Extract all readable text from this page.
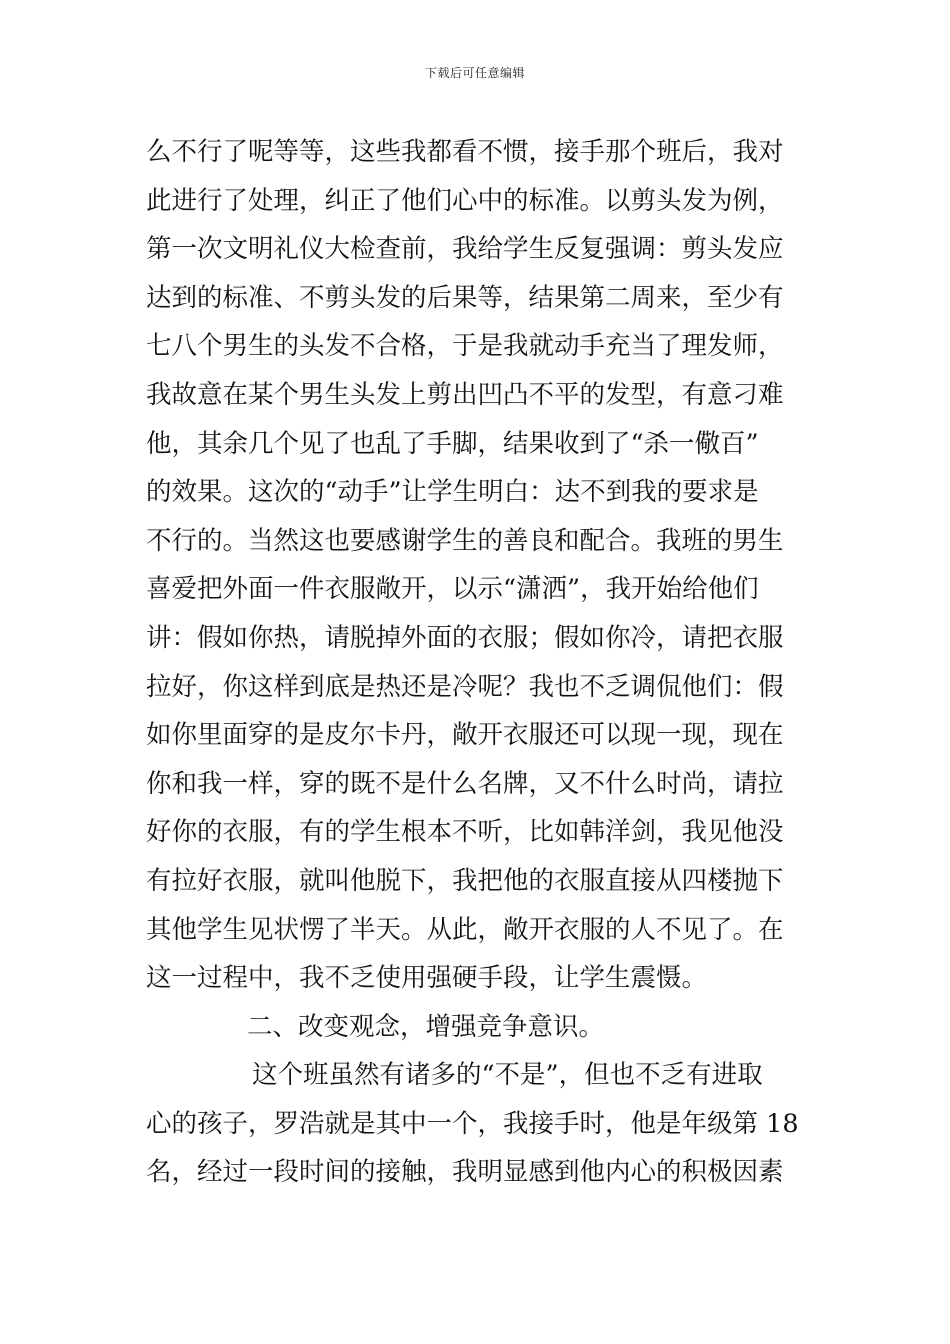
下载后可任意编辑
么不行了呢等等，这些我都看不惯，接手那个班后，我对
此进行了处理，纠正了他们心中的标准。以剪头发为例，
第一次文明礼仪大检查前，我给学生反复强调：剪头发应
达到的标准、不剪头发的后果等，结果第二周来，至少有
七八个男生的头发不合格，于是我就动手充当了理发师，
我故意在某个男生头发上剪出凹凸不平的发型，有意刁难
他，其余几个见了也乱了手脚，结果收到了“杀一儆百”
的效果。这次的“动手”让学生明白：达不到我的要求是
不行的。当然这也要感谢学生的善良和配合。我班的男生
喜爱把外面一件衣服敞开，以示“潇洒”，我开始给他们
讲：假如你热，请脱掉外面的衣服；假如你冷，请把衣服
拉好，你这样到底是热还是冷呢？我也不乏调侃他们：假
如你里面穿的是皮尔卡丹，敞开衣服还可以现一现，现在
你和我一样，穿的既不是什么名牌，又不什么时尚，请拉
好你的衣服，有的学生根本不听，比如韩洋剑，我见他没
有拉好衣服，就叫他脱下，我把他的衣服直接从四楼抛下
其他学生见状愣了半天。从此，敞开衣服的人不见了。在
这一过程中，我不乏使用强硬手段，让学生震慑。
二、改变观念，增强竞争意识。
这个班虽然有诸多的“不是”，但也不乏有进取
心的孩子，罗浩就是其中一个，我接手时，他是年级第 18
名，经过一段时间的接触，我明显感到他内心的积极因素
